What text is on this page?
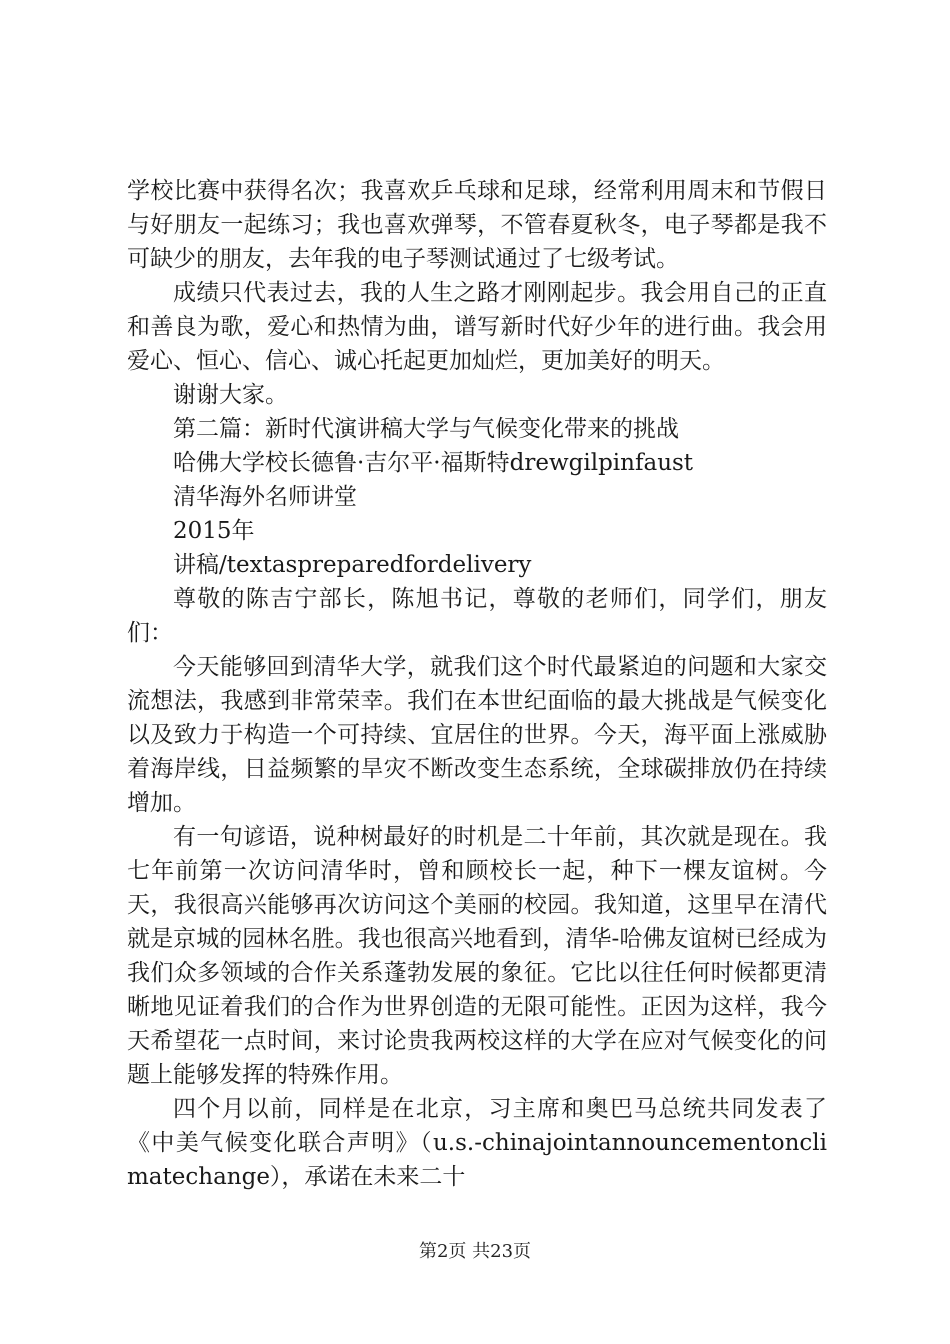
学校比赛中获得名次；我喜欢乒乓球和足球，经常利用周末和节假日与好朋友一起练习；我也喜欢弹琴，不管春夏秋冬，电子琴都是我不可缺少的朋友，去年我的电子琴测试通过了七级考试。

成绩只代表过去，我的人生之路才刚刚起步。我会用自己的正直和善良为歌，爱心和热情为曲，谱写新时代好少年的进行曲。我会用爱心、恒心、信心、诚心托起更加灿烂，更加美好的明天。

谢谢大家。

第二篇：新时代演讲稿大学与气候变化带来的挑战

哈佛大学校长德鲁·吉尔平·福斯特drewgilpinfaust

清华海外名师讲堂

2015年

讲稿/textaspreparedfordelivery

尊敬的陈吉宁部长，陈旭书记，尊敬的老师们，同学们，朋友们：

今天能够回到清华大学，就我们这个时代最紧迫的问题和大家交流想法，我感到非常荣幸。我们在本世纪面临的最大挑战是气候变化以及致力于构造一个可持续、宜居住的世界。今天，海平面上涨威胁着海岸线，日益频繁的旱灾不断改变生态系统，全球碳排放仍在持续增加。

有一句谚语，说种树最好的时机是二十年前，其次就是现在。我七年前第一次访问清华时，曾和顾校长一起，种下一棵友谊树。今天，我很高兴能够再次访问这个美丽的校园。我知道，这里早在清代就是京城的园林名胜。我也很高兴地看到，清华-哈佛友谊树已经成为我们众多领域的合作关系蓬勃发展的象征。它比以往任何时候都更清晰地见证着我们的合作为世界创造的无限可能性。正因为这样，我今天希望花一点时间，来讨论贵我两校这样的大学在应对气候变化的问题上能够发挥的特殊作用。

四个月以前，同样是在北京，习主席和奥巴马总统共同发表了《中美气候变化联合声明》（u.s.-chinajointannouncementonclimatechange），承诺在未来二十

第2页 共23页
